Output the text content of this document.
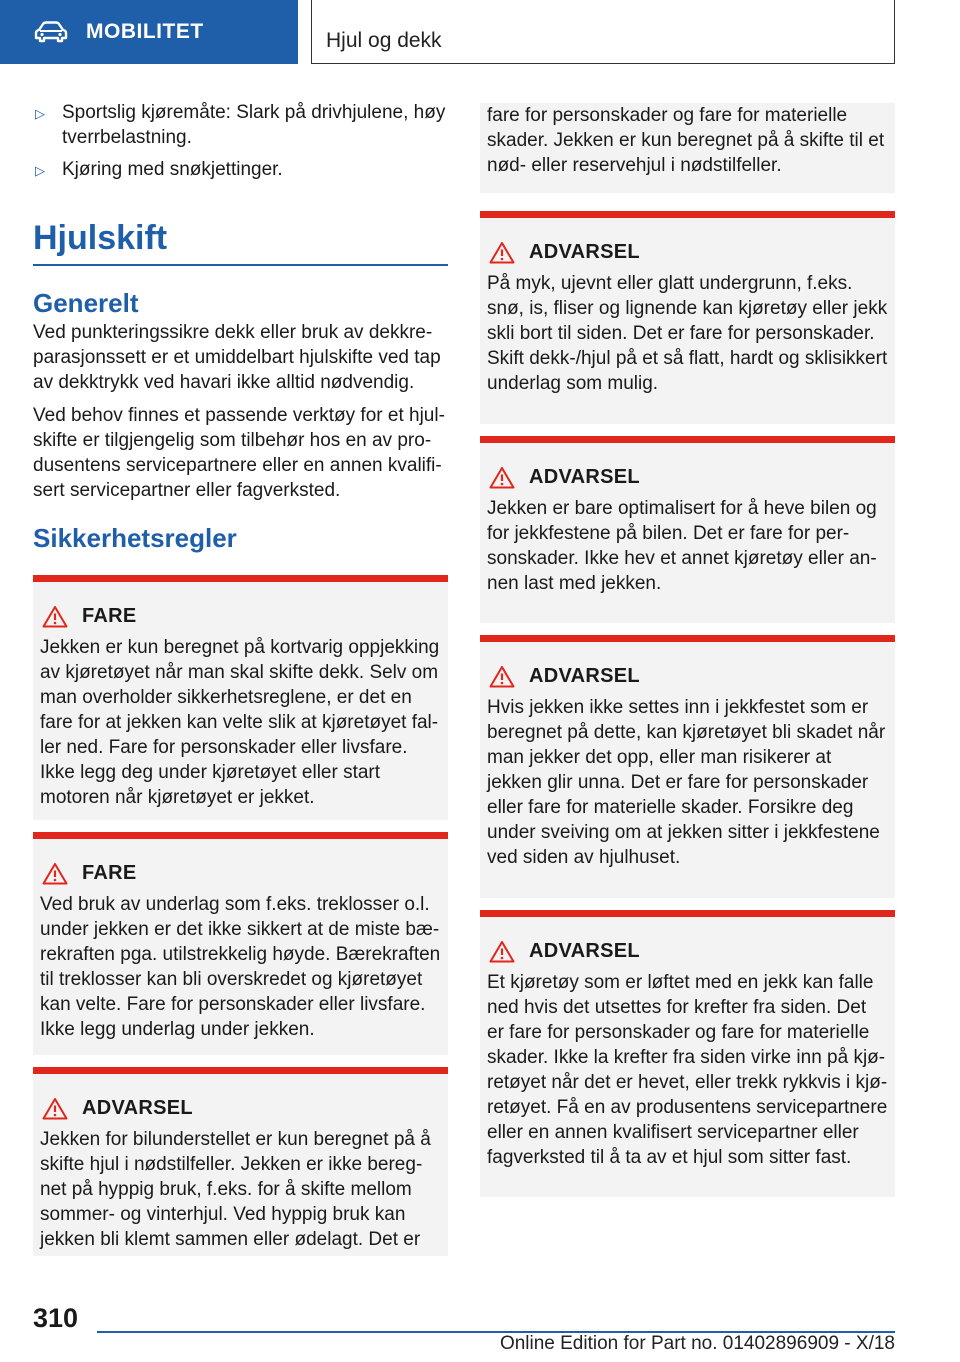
MOBILITET	Hjul og dekk
▷ Sportslig kjøremåte: Slark på drivhjulene, høy tverrbelastning.
▷ Kjøring med snøkjettinger.
Hjulskift
Generelt

Ved punkteringssikre dekk eller bruk av dekkreparasjonssett er et umiddelbart hjulskifte ved tap av dekktrykk ved havari ikke alltid nødvendig.

Ved behov finnes et passende verktøy for et hjulskifte er tilgjengelig som tilbehør hos en av produsentens servicepartnere eller en annen kvalifisert servicepartner eller fagverksted.

Sikkerhetsregler
FARE
Jekken er kun beregnet på kortvarig oppjekking av kjøretøyet når man skal skifte dekk. Selv om man overholder sikkerhetsreglene, er det en fare for at jekken kan velte slik at kjøretøyet faller ned. Fare for personskader eller livsfare. Ikke legg deg under kjøretøyet eller start motoren når kjøretøyet er jekket.
FARE
Ved bruk av underlag som f.eks. treklosser o.l. under jekken er det ikke sikkert at de miste bærekraften pga. utilstrekkelig høyde. Bærekraften til treklosser kan bli overskredet og kjøretøyet kan velte. Fare for personskader eller livsfare. Ikke legg underlag under jekken.
ADVARSEL
Jekken for bilunderstellet er kun beregnet på å skifte hjul i nødstilfeller. Jekken er ikke beregnet på hyppig bruk, f.eks. for å skifte mellom sommer- og vinterhjul. Ved hyppig bruk kan jekken bli klemt sammen eller ødelagt. Det er
fare for personskader og fare for materielle skader. Jekken er kun beregnet på å skifte til et nød- eller reservehjul i nødstilfeller.
ADVARSEL
På myk, ujevnt eller glatt undergrunn, f.eks. snø, is, fliser og lignende kan kjøretøy eller jekk skli bort til siden. Det er fare for personskader. Skift dekk-/hjul på et så flatt, hardt og sklisikkert underlag som mulig.
ADVARSEL
Jekken er bare optimalisert for å heve bilen og for jekkfestene på bilen. Det er fare for personskader. Ikke hev et annet kjøretøy eller annen last med jekken.
ADVARSEL
Hvis jekken ikke settes inn i jekkfestet som er beregnet på dette, kan kjøretøyet bli skadet når man jekker det opp, eller man risikerer at jekken glir unna. Det er fare for personskader eller fare for materielle skader. Forsikre deg under sveiving om at jekken sitter i jekkfestene ved siden av hjulhuset.
ADVARSEL
Et kjøretøy som er løftet med en jekk kan falle ned hvis det utsettes for krefter fra siden. Det er fare for personskader og fare for materielle skader. Ikke la krefter fra siden virke inn på kjøretøyet når det er hevet, eller trekk rykkvis i kjøretøyet. Få en av produsentens servicepartnere eller en annen kvalifisert servicepartner eller fagverksted til å ta av et hjul som sitter fast.
310
Online Edition for Part no. 01402896909 - X/18
